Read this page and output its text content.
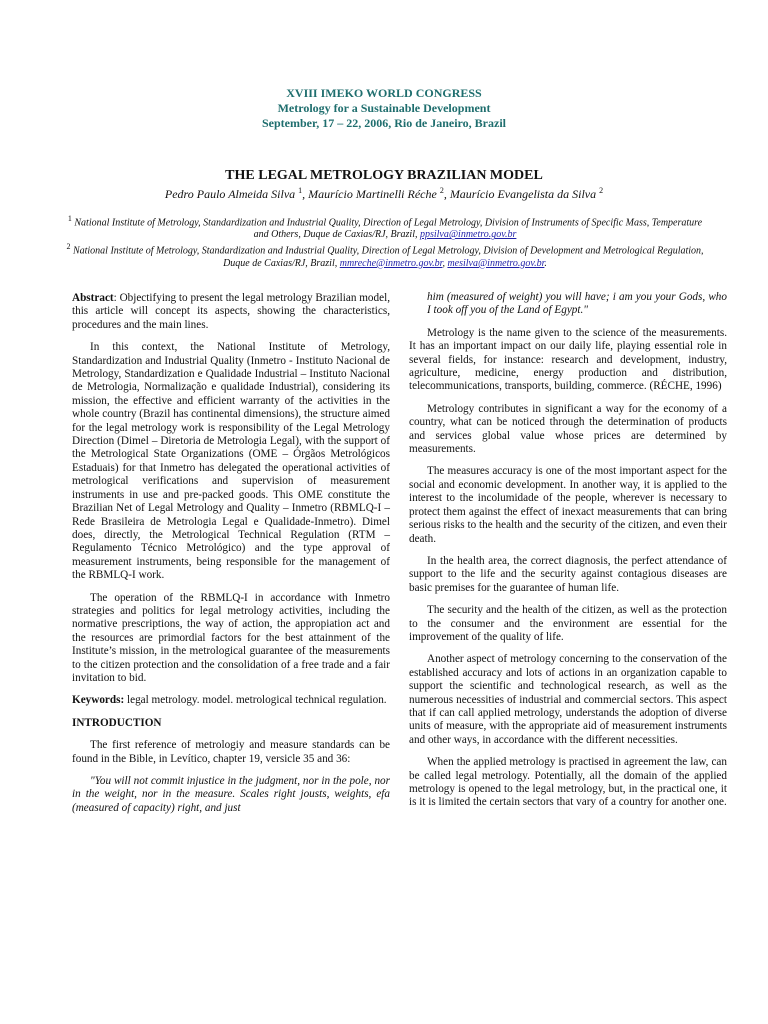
XVIII IMEKO WORLD CONGRESS
Metrology for a Sustainable Development
September, 17 – 22, 2006, Rio de Janeiro, Brazil
THE LEGAL METROLOGY BRAZILIAN MODEL
Pedro Paulo Almeida Silva $^1$, Maurício Martinelli Réche $^2$, Maurício Evangelista da Silva $^2$
$^1$ National Institute of Metrology, Standardization and Industrial Quality, Direction of Legal Metrology, Division of Instruments of Specific Mass, Temperature and Others, Duque de Caxias/RJ, Brazil, ppsilva@inmetro.gov.br
$^2$ National Institute of Metrology, Standardization and Industrial Quality, Direction of Legal Metrology, Division of Development and Metrological Regulation, Duque de Caxias/RJ, Brazil, mmreche@inmetro.gov.br, mesilva@inmetro.gov.br.

Abstract: Objectifying to present the legal metrology Brazilian model, this article will concept its aspects, showing the characteristics, procedures and the main lines.

In this context, the National Institute of Metrology, Standardization and Industrial Quality (Inmetro - Instituto Nacional de Metrology, Standardization e Qualidade Industrial – Instituto Nacional de Metrologia, Normalização e qualidade Industrial), considering its mission, the effective and efficient warranty of the activities in the whole country (Brazil has continental dimensions), the structure aimed for the legal metrology work is responsibility of the Legal Metrology Direction (Dimel – Diretoria de Metrologia Legal), with the support of the Metrological State Organizations (OME – Órgãos Metrológicos Estaduais) for that Inmetro has delegated the operational activities of metrological verifications and supervision of measurement instruments in use and pre-packed goods. This OME constitute the Brazilian Net of Legal Metrology and Quality – Inmetro (RBMLQ-I – Rede Brasileira de Metrologia Legal e Qualidade-Inmetro). Dimel does, directly, the Metrological Technical Regulation (RTM – Regulamento Técnico Metrológico) and the type approval of measurement instruments, being responsible for the management of the RBMLQ-I work.

The operation of the RBMLQ-I in accordance with Inmetro strategies and politics for legal metrology activities, including the normative prescriptions, the way of action, the appropiation act and the resources are primordial factors for the best attainment of the Institute’s mission, in the metrological guarantee of the measurements to the citizen protection and the consolidation of a free trade and a fair invitation to bid.

Keywords: legal metrology. model. metrological technical regulation.

INTRODUCTION

The first reference of metrologiy and measure standards can be found in the Bible, in Levítico, chapter 19, versicle 35 and 36:

"You will not commit injustice in the judgment, nor in the pole, nor in the weight, nor in the measure. Scales right jousts, weights, efa (measured of capacity) right, and just

him (measured of weight) you will have; i am you your Gods, who I took off you of the Land of Egypt."

Metrology is the name given to the science of the measurements. It has an important impact on our daily life, playing essential role in several fields, for instance: research and development, industry, agriculture, medicine, energy production and distribution, telecommunications, transports, building, commerce. (RÉCHE, 1996)

Metrology contributes in significant a way for the economy of a country, what can be noticed through the determination of products and services global value whose prices are determined by measurements.

The measures accuracy is one of the most important aspect for the social and economic development. In another way, it is applied to the interest to the incolumidade of the people, wherever is necessary to protect them against the effect of inexact measurements that can bring serious risks to the health and the security of the citizen, and even their death.

In the health area, the correct diagnosis, the perfect attendance of support to the life and the security against contagious diseases are basic premises for the guarantee of human life.

The security and the health of the citizen, as well as the protection to the consumer and the environment are essential for the improvement of the quality of life.

Another aspect of metrology concerning to the conservation of the established accuracy and lots of actions in an organization capable to support the scientific and technological research, as well as the numerous necessities of industrial and commercial sectors. This aspect that if can call applied metrology, understands the adoption of diverse units of measure, with the appropriate aid of measurement instruments and other ways, in accordance with the different necessities.

When the applied metrology is practised in agreement the law, can be called legal metrology. Potentially, all the domain of the applied metrology is opened to the legal metrology, but, in the practical one, it is it is limited the certain sectors that vary of a country for another one.
